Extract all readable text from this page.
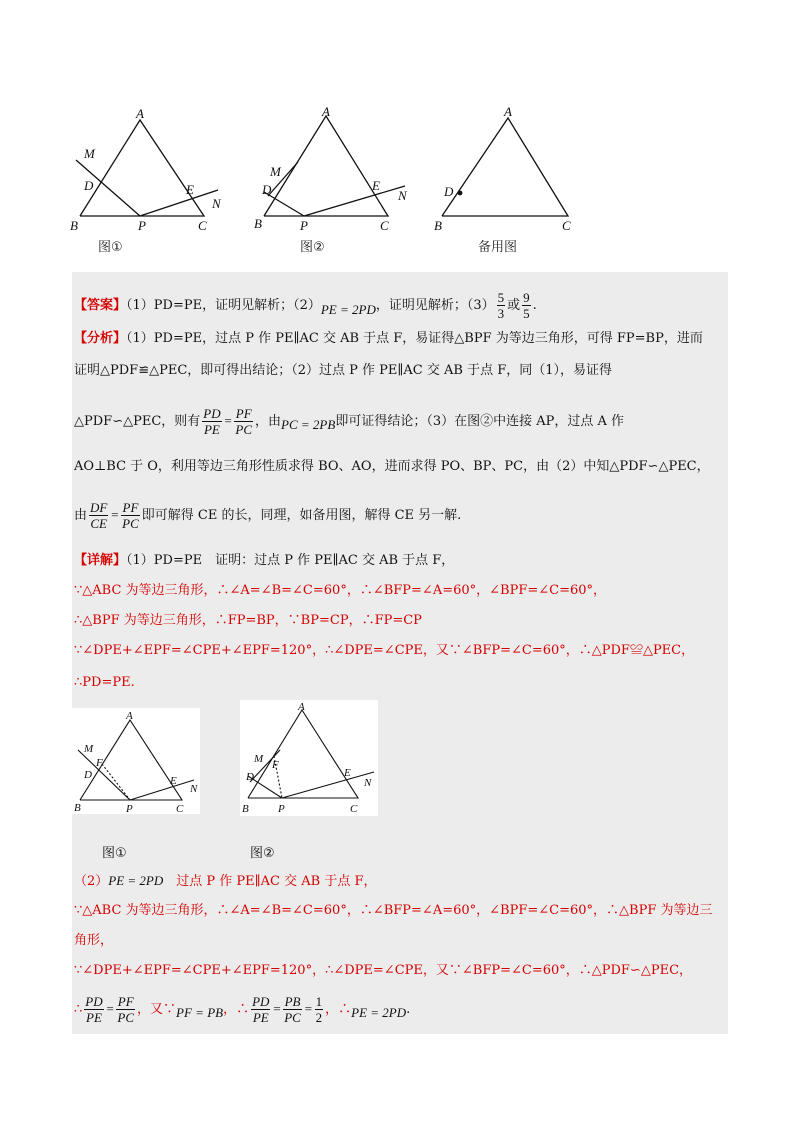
A
B	C
M
D	E
N
P
图①
A
B	C
M
D	E
N
P
图②
A
B	C
D
备用图
【答案】（1）PD=PE，证明见解析；（2）PE = 2PD，证明见解析；$(3) \frac{5}{3}$ 或 $\frac{9}{5}$ .
【分析】（1）PD=PE，过点 P 作 PE∥AC 交 AB 于点 F，易证得△BPF 为等边三角形，可得 FP=BP，进而
证明△PDF≌△PEC，即可得出结论；（2）过点 P 作 PE∥AC 交 AB 于点 F，同（1），易证得
△PDF∽△PEC，则有 $\frac{PD}{PE} = \frac{PF}{PC}$ ，由PC = 2PB即可证得结论；（3）在图②中连接 AP，过点 A 作
AO⊥BC 于 O，利用等边三角形性质求得 BO、AO，进而求得 PO、BP、PC，由（2）中知△PDF∽△PEC，
由 $\frac{DF}{CE} = \frac{PF}{PC}$ 即可解得 CE 的长，同理，如备用图，解得 CE 另一解.
【详解】（1）PD=PE　证明：过点 P 作 PE∥AC 交 AB 于点 F，
∵△ABC 为等边三角形，∴∠A=∠B=∠C=60°，∴∠BFP=∠A=60°，∠BPF=∠C=60°，
∴△BPF 为等边三角形，∴FP=BP，∵BP=CP，∴FP=CP
∵∠DPE+∠EPF=∠CPE+∠EPF=120°，∴∠DPE=∠CPE，又∵∠BFP=∠C=60°，∴△PDF≌△PEC，
∴PD=PE.
A
B	C
M
D
F
E
N
P
A
B	C
M
D
F
E
N
P
图①	图②
（2）PE = 2PD　过点 P 作 PE∥AC 交 AB 于点 F，
∵△ABC 为等边三角形，∴∠A=∠B=∠C=60°，∴∠BFP=∠A=60°，∠BPF=∠C=60°，∴△BPF 为等边三
角形，
∵∠DPE+∠EPF=∠CPE+∠EPF=120°，∴∠DPE=∠CPE，又∵∠BFP=∠C=60°，∴△PDF∽△PEC，
∴ $\frac{PD}{PE} = \frac{PF}{PC}$ ，又∵PF = PB，∴ $\frac{PD}{PE} = \frac{PB}{PC} = \frac{1}{2}$ ，∴PE = 2PD.
